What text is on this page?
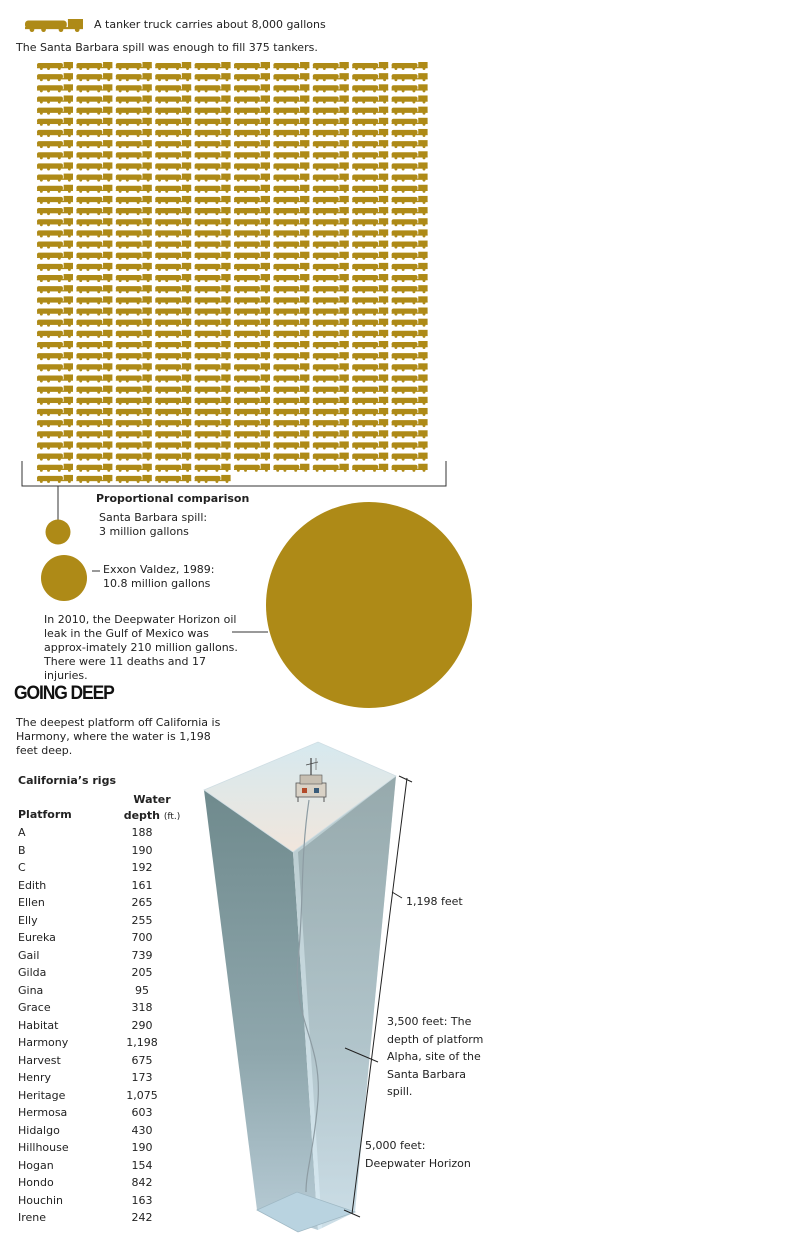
A tanker truck carries about 8,000 gallons
The Santa Barbara spill was enough to fill 375 tankers.
Proportional comparison
Santa Barbara spill:
3 million gallons
Exxon Valdez, 1989:
10.8 million gallons
In 2010, the Deepwater Horizon oil leak in the Gulf of Mexico was approx-imately 210 million gallons. There were 11 deaths and 17 injuries.
GOING DEEP
The deepest platform off California is Harmony, where the water is 1,198 feet deep.
California’s rigs
Platform
Water
depth (ft.)
A	188
B	190
C	192
Edith	161
Ellen	265
Elly	255
Eureka	700
Gail	739
Gilda	205
Gina	95
Grace	318
Habitat	290
Harmony	1,198
Harvest	675
Henry	173
Heritage	1,075
Hermosa	603
Hidalgo	430
Hillhouse	190
Hogan	154
Hondo	842
Houchin	163
Irene	242
1,198 feet
3,500 feet: The depth of platform Alpha, site of the Santa Barbara spill.
5,000 feet: Deepwater Horizon
